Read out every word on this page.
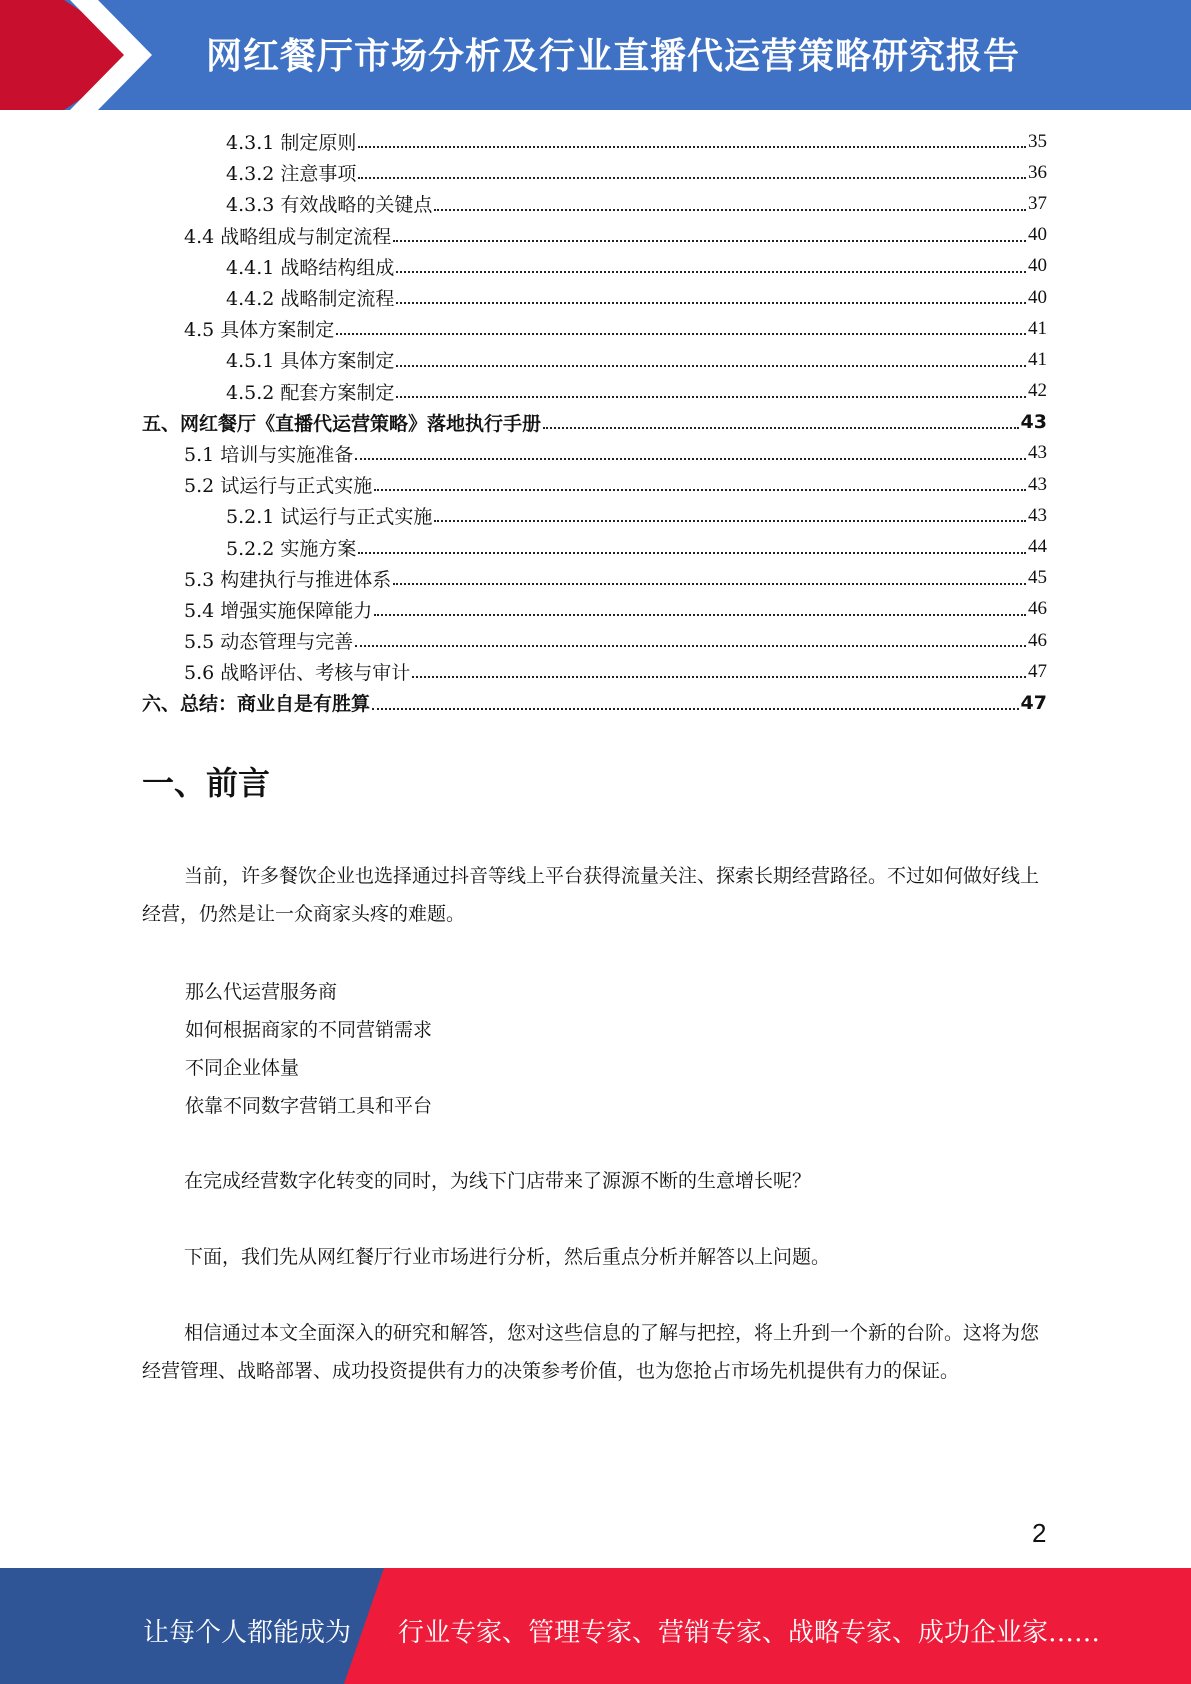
网红餐厅市场分析及行业直播代运营策略研究报告
4.3.1 制定原则	35
4.3.2 注意事项	36
4.3.3 有效战略的关键点	37
4.4 战略组成与制定流程	40
4.4.1 战略结构组成	40
4.4.2 战略制定流程	40
4.5 具体方案制定	41
4.5.1 具体方案制定	41
4.5.2 配套方案制定	42
五、网红餐厅《直播代运营策略》落地执行手册	43
5.1 培训与实施准备	43
5.2 试运行与正式实施	43
5.2.1 试运行与正式实施	43
5.2.2 实施方案	44
5.3 构建执行与推进体系	45
5.4 增强实施保障能力	46
5.5 动态管理与完善	46
5.6 战略评估、考核与审计	47
六、总结：商业自是有胜算	47
一、前言
当前，许多餐饮企业也选择通过抖音等线上平台获得流量关注、探索长期经营路径。不过如何做好线上经营，仍然是让一众商家头疼的难题。
那么代运营服务商
如何根据商家的不同营销需求
不同企业体量
依靠不同数字营销工具和平台
在完成经营数字化转变的同时，为线下门店带来了源源不断的生意增长呢？
下面，我们先从网红餐厅行业市场进行分析，然后重点分析并解答以上问题。
相信通过本文全面深入的研究和解答，您对这些信息的了解与把控，将上升到一个新的台阶。这将为您经营管理、战略部署、成功投资提供有力的决策参考价值，也为您抢占市场先机提供有力的保证。
2
让每个人都能成为 行业专家、管理专家、营销专家、战略专家、成功企业家……
